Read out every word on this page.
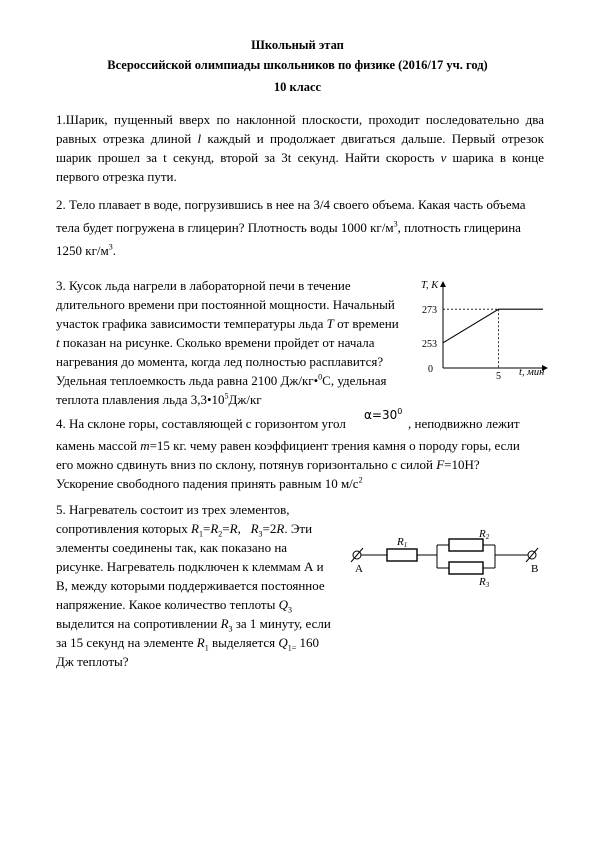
Школьный этап
Всероссийской олимпиады школьников по физике (2016/17 уч. год)
10 класс
1.Шарик, пущенный вверх по наклонной плоскости, проходит последовательно два
равных отрезка длиной l каждый и продолжает двигаться дальше. Первый отрезок
шарик прошел за t секунд, второй за 3t секунд. Найти скорость v шарика в конце
первого отрезка пути.
2. Тело плавает в воде, погрузившись в нее на 3/4 своего объема. Какая часть объема
тела будет погружена в глицерин? Плотность воды 1000 $кг/м^3$, плотность глицерина
1250 $кг/м^3$.
3. Кусок льда нагрели в лабораторной печи в течение
длительного времени при постоянной мощности. Начальный
участок графика зависимости температуры льда T от времени
t показан на рисунке. Сколько времени пройдет от начала
нагревания до момента, когда лед полностью расплавится?
Удельная теплоемкость льда равна 2100 Дж/кг•$^0$С, удельная
теплота плавления льда $3,3•10^5Дж/кг$
T, K
273
253
0
5 t, мин
4. На склоне горы, составляющей с горизонтом угол
$\alpha=30^0$
, неподвижно лежит
камень массой m=15 кг. чему равен коэффициент трения камня о породу горы, если
его можно сдвинуть вниз по склону, потянув горизонтально с силой F=10Н?
Ускорение свободного падения принять равным 10 $м/с^2$
5. Нагреватель состоит из трех элементов,
сопротивления которых $R_1=R_2=R$,   $R_3=2R$. Эти
элементы соединены так, как показано на
рисунке. Нагреватель подключен к клеммам А и
В, между которыми поддерживается постоянное
напряжение. Какое количество теплоты $Q_3$
выделится на сопротивлении $R_3$ за 1 минуту, если
за 15 секунд на элементе $R_1$ выделяется $Q_{1=}$ 160
Дж теплоты?
A
R1
R2
R3
B
